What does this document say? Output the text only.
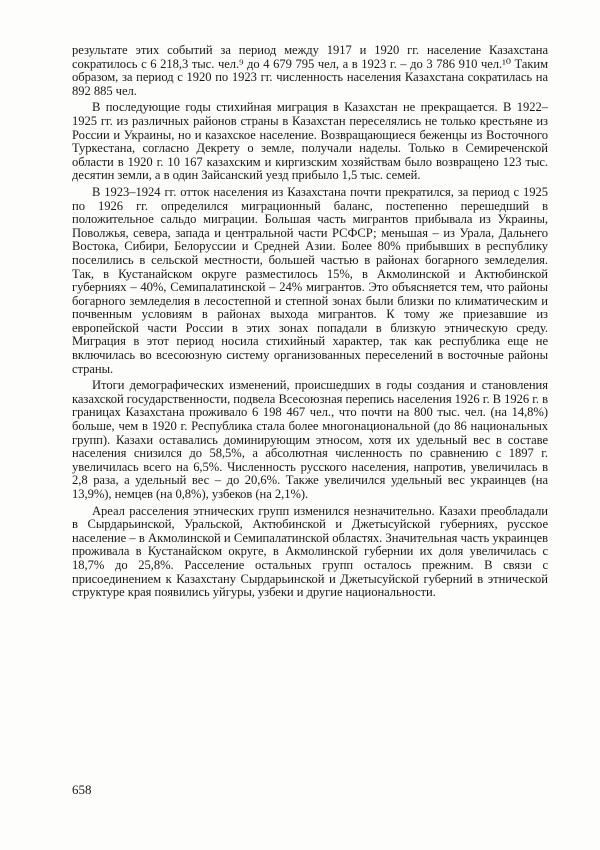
результате этих событий за период между 1917 и 1920 гг. население Казахстана сократилось с 6 218,3 тыс. чел.⁹ до 4 679 795 чел, а в 1923 г. – до 3 786 910 чел.¹⁰ Таким образом, за период с 1920 по 1923 гг. численность населения Казахстана сократилась на 892 885 чел.

В последующие годы стихийная миграция в Казахстан не прекращается. В 1922–1925 гг. из различных районов страны в Казахстан переселялись не только крестьяне из России и Украины, но и казахское население. Возвращающиеся беженцы из Восточного Туркестана, согласно Декрету о земле, получали наделы. Только в Семиреченской области в 1920 г. 10 167 казахским и киргизским хозяйствам было возвращено 123 тыс. десятин земли, а в один Зайсанский уезд прибыло 1,5 тыс. семей.

В 1923–1924 гг. отток населения из Казахстана почти прекратился, за период с 1925 по 1926 гг. определился миграционный баланс, постепенно перешедший в положительное сальдо миграции. Большая часть мигрантов прибывала из Украины, Поволжья, севера, запада и центральной части РСФСР; меньшая – из Урала, Дальнего Востока, Сибири, Белоруссии и Средней Азии. Более 80% прибывших в республику поселились в сельской местности, большей частью в районах богарного земледелия. Так, в Кустанайском округе разместилось 15%, в Акмолинской и Актюбинской губерниях – 40%, Семипалатинской – 24% мигрантов. Это объясняется тем, что районы богарного земледелия в лесостепной и степной зонах были близки по климатическим и почвенным условиям в районах выхода мигрантов. К тому же приезавшие из европейской части России в этих зонах попадали в близкую этническую среду. Миграция в этот период носила стихийный характер, так как республика еще не включилась во всесоюзную систему организованных переселений в восточные районы страны.

Итоги демографических изменений, происшедших в годы создания и становления казахской государственности, подвела Всесоюзная перепись населения 1926 г. В 1926 г. в границах Казахстана проживало 6 198 467 чел., что почти на 800 тыс. чел. (на 14,8%) больше, чем в 1920 г. Республика стала более многонациональной (до 86 национальных групп). Казахи оставались доминирующим этносом, хотя их удельный вес в составе населения снизился до 58,5%, а абсолютная численность по сравнению с 1897 г. увеличилась всего на 6,5%. Численность русского населения, напротив, увеличилась в 2,8 раза, а удельный вес – до 20,6%. Также увеличился удельный вес украинцев (на 13,9%), немцев (на 0,8%), узбеков (на 2,1%).

Ареал расселения этнических групп изменился незначительно. Казахи преобладали в Сырдарьинской, Уральской, Актюбинской и Джетысуйской губерниях, русское население – в Акмолинской и Семипалатинской областях. Значительная часть украинцев проживала в Кустанайском округе, в Акмолинской губернии их доля увеличилась с 18,7% до 25,8%. Расселение остальных групп осталось прежним. В связи с присоединением к Казахстану Сырдарьинской и Джетысуйской губерний в этнической структуре края появились уйгуры, узбеки и другие национальности.

658
